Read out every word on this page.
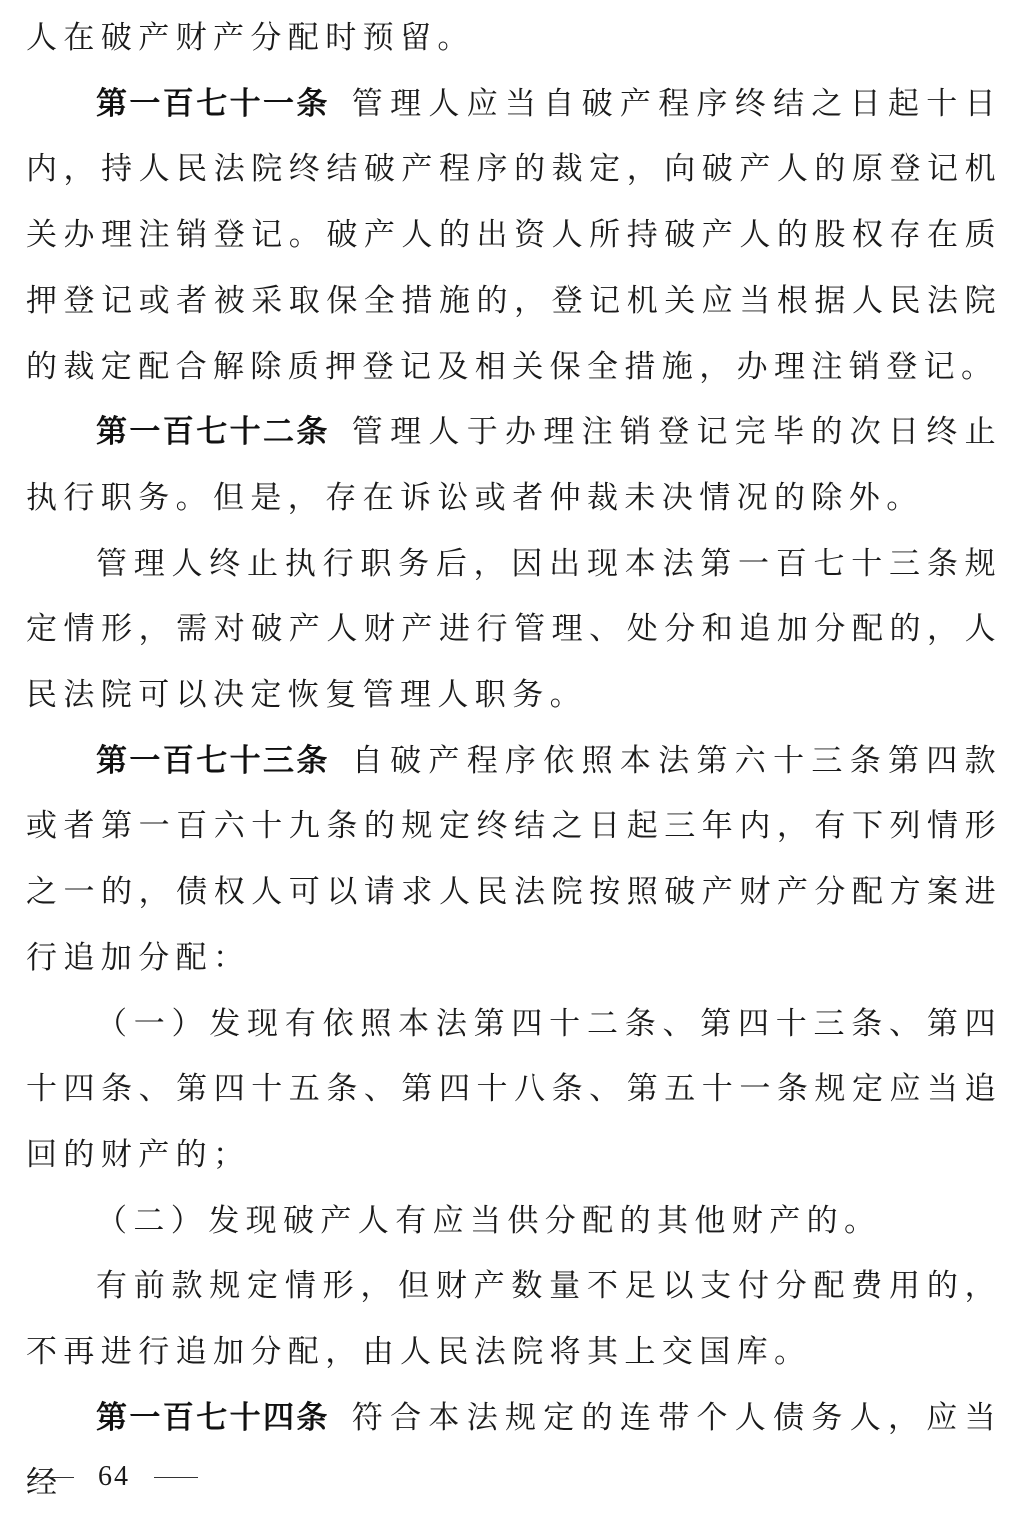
人在破产财产分配时预留。

第一百七十一条 管理人应当自破产程序终结之日起十日内，持人民法院终结破产程序的裁定，向破产人的原登记机关办理注销登记。破产人的出资人所持破产人的股权存在质押登记或者被采取保全措施的，登记机关应当根据人民法院的裁定配合解除质押登记及相关保全措施，办理注销登记。

第一百七十二条 管理人于办理注销登记完毕的次日终止执行职务。但是，存在诉讼或者仲裁未决情况的除外。

管理人终止执行职务后，因出现本法第一百七十三条规定情形，需对破产人财产进行管理、处分和追加分配的，人民法院可以决定恢复管理人职务。

第一百七十三条 自破产程序依照本法第六十三条第四款或者第一百六十九条的规定终结之日起三年内，有下列情形之一的，债权人可以请求人民法院按照破产财产分配方案进行追加分配：

（一）发现有依照本法第四十二条、第四十三条、第四十四条、第四十五条、第四十八条、第五十一条规定应当追回的财产的；

（二）发现破产人有应当供分配的其他财产的。

有前款规定情形，但财产数量不足以支付分配费用的，不再进行追加分配，由人民法院将其上交国库。

第一百七十四条 符合本法规定的连带个人债务人，应当经	64
